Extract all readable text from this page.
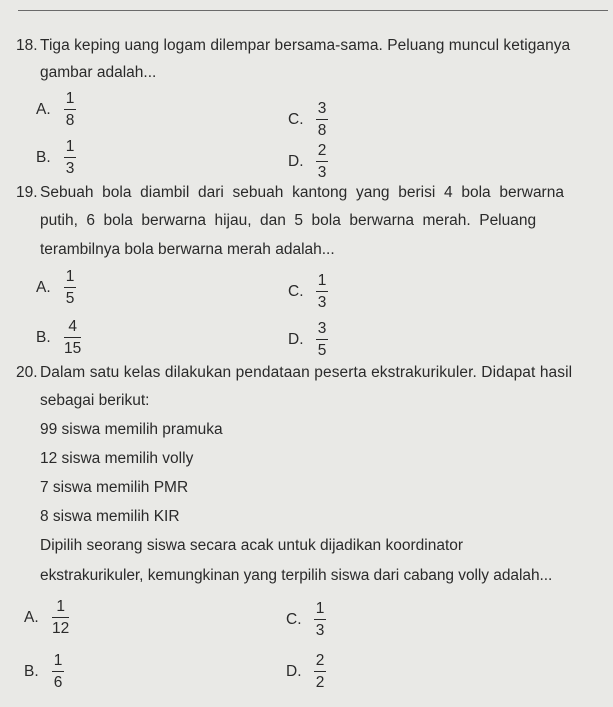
18. Tiga keping uang logam dilempar bersama-sama. Peluang muncul ketiganya
gambar adalah...
A. $\frac{1}{8}$
B. $\frac{1}{3}$
C. $\frac{3}{8}$
D. $\frac{2}{3}$
19. Sebuah bola diambil dari sebuah kantong yang berisi 4 bola berwarna
putih, 6 bola berwarna hijau, dan 5 bola berwarna merah. Peluang
terambilnya bola berwarna merah adalah...
A. $\frac{1}{5}$
B. $\frac{4}{15}$
C. $\frac{1}{3}$
D. $\frac{3}{5}$
20. Dalam satu kelas dilakukan pendataan peserta ekstrakurikuler. Didapat hasil
sebagai berikut:
99 siswa memilih pramuka
12 siswa memilih volly
7 siswa memilih PMR
8 siswa memilih KIR
Dipilih seorang siswa secara acak untuk dijadikan koordinator
ekstrakurikuler, kemungkinan yang terpilih siswa dari cabang volly adalah...
A. $\frac{1}{12}$
B. $\frac{1}{6}$
C. $\frac{1}{3}$
D. $\frac{2}{2}$
